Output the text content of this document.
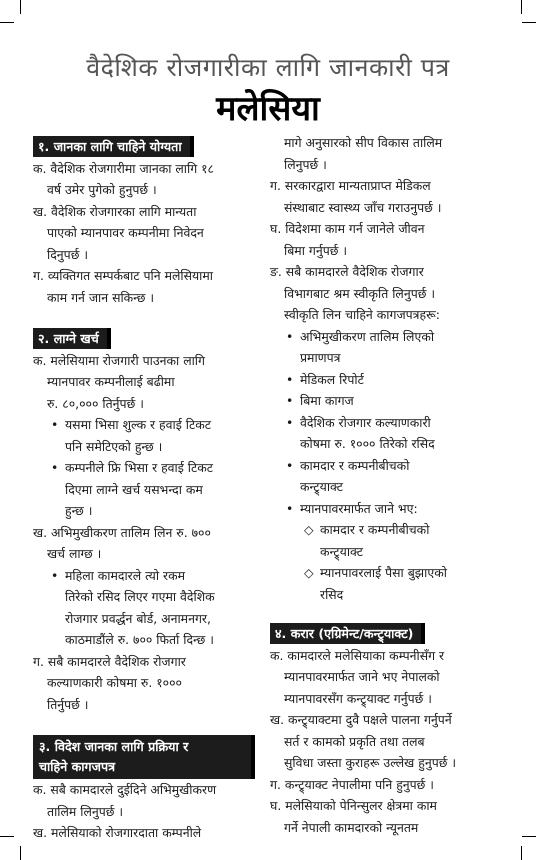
वैदेशिक रोजगारीका लागि जानकारी पत्र
मलेसिया
१. जानका लागि चाहिने योग्यता

क. वैदेशिक रोजगारीमा जानका लागि १८
वर्ष उमेर पुगेको हुनुपर्छ ।

ख. वैदेशिक रोजगारका लागि मान्यता
पाएको म्यानपावर कम्पनीमा निवेदन
दिनुपर्छ ।

ग. व्यक्तिगत सम्पर्कबाट पनि मलेसियामा
काम गर्न जान सकिन्छ ।

२. लाग्ने खर्च

क. मलेसियामा रोजगारी पाउनका लागि
म्यानपावर कम्पनीलाई बढीमा
रु. ८०,००० तिर्नुपर्छ ।

• यसमा भिसा शुल्क र हवाई टिकट
पनि समेटिएको हुन्छ ।

• कम्पनीले फ्रि भिसा र हवाई टिकट
दिएमा लाग्ने खर्च यसभन्दा कम
हुन्छ ।

ख. अभिमुखीकरण तालिम लिन रु. ७००
खर्च लाग्छ ।

• महिला कामदारले त्यो रकम
तिरेको रसिद लिएर गएमा वैदेशिक
रोजगार प्रवर्द्धन बोर्ड, अनामनगर,
काठमाडौंले रु. ७०० फिर्ता दिन्छ ।

ग. सबै कामदारले वैदेशिक रोजगार
कल्याणकारी कोषमा रु. १०००
तिर्नुपर्छ ।

३. विदेश जानका लागि प्रक्रिया र
चाहिने कागजपत्र

क. सबै कामदारले दुईदिने अभिमुखीकरण
तालिम लिनुपर्छ ।

ख. मलेसियाको रोजगारदाता कम्पनीले

मागे अनुसारको सीप विकास तालिम
लिनुपर्छ ।

ग. सरकारद्वारा मान्यताप्राप्त मेडिकल
संस्थाबाट स्वास्थ्य जाँच गराउनुपर्छ ।

घ. विदेशमा काम गर्न जानेले जीवन
बिमा गर्नुपर्छ ।

ङ. सबै कामदारले वैदेशिक रोजगार
विभागबाट श्रम स्वीकृति लिनुपर्छ ।
स्वीकृति लिन चाहिने कागजपत्रहरू:

• अभिमुखीकरण तालिम लिएको
प्रमाणपत्र

• मेडिकल रिपोर्ट

• बिमा कागज

• वैदेशिक रोजगार कल्याणकारी
कोषमा रु. १००० तिरेको रसिद

• कामदार र कम्पनीबीचको
कन्ट्र्याक्ट

• म्यानपावरमार्फत जाने भए:

◇ कामदार र कम्पनीबीचको
कन्ट्र्याक्ट

◇ म्यानपावरलाई पैसा बुझाएको
रसिद

४. करार (एग्रिमेन्ट/कन्ट्र्याक्ट)

क. कामदारले मलेसियाका कम्पनीसँग र
म्यानपावरमार्फत जाने भए नेपालको
म्यानपावरसँग कन्ट्र्याक्ट गर्नुपर्छ ।

ख. कन्ट्र्याक्टमा दुवै पक्षले पालना गर्नुपर्ने
सर्त र कामको प्रकृति तथा तलब
सुविधा जस्ता कुराहरू उल्लेख हुनुपर्छ ।

ग. कन्ट्र्याक्ट नेपालीमा पनि हुनुपर्छ ।

घ. मलेसियाको पेनिन्सुलर क्षेत्रमा काम
गर्ने नेपाली कामदारको न्यूनतम
